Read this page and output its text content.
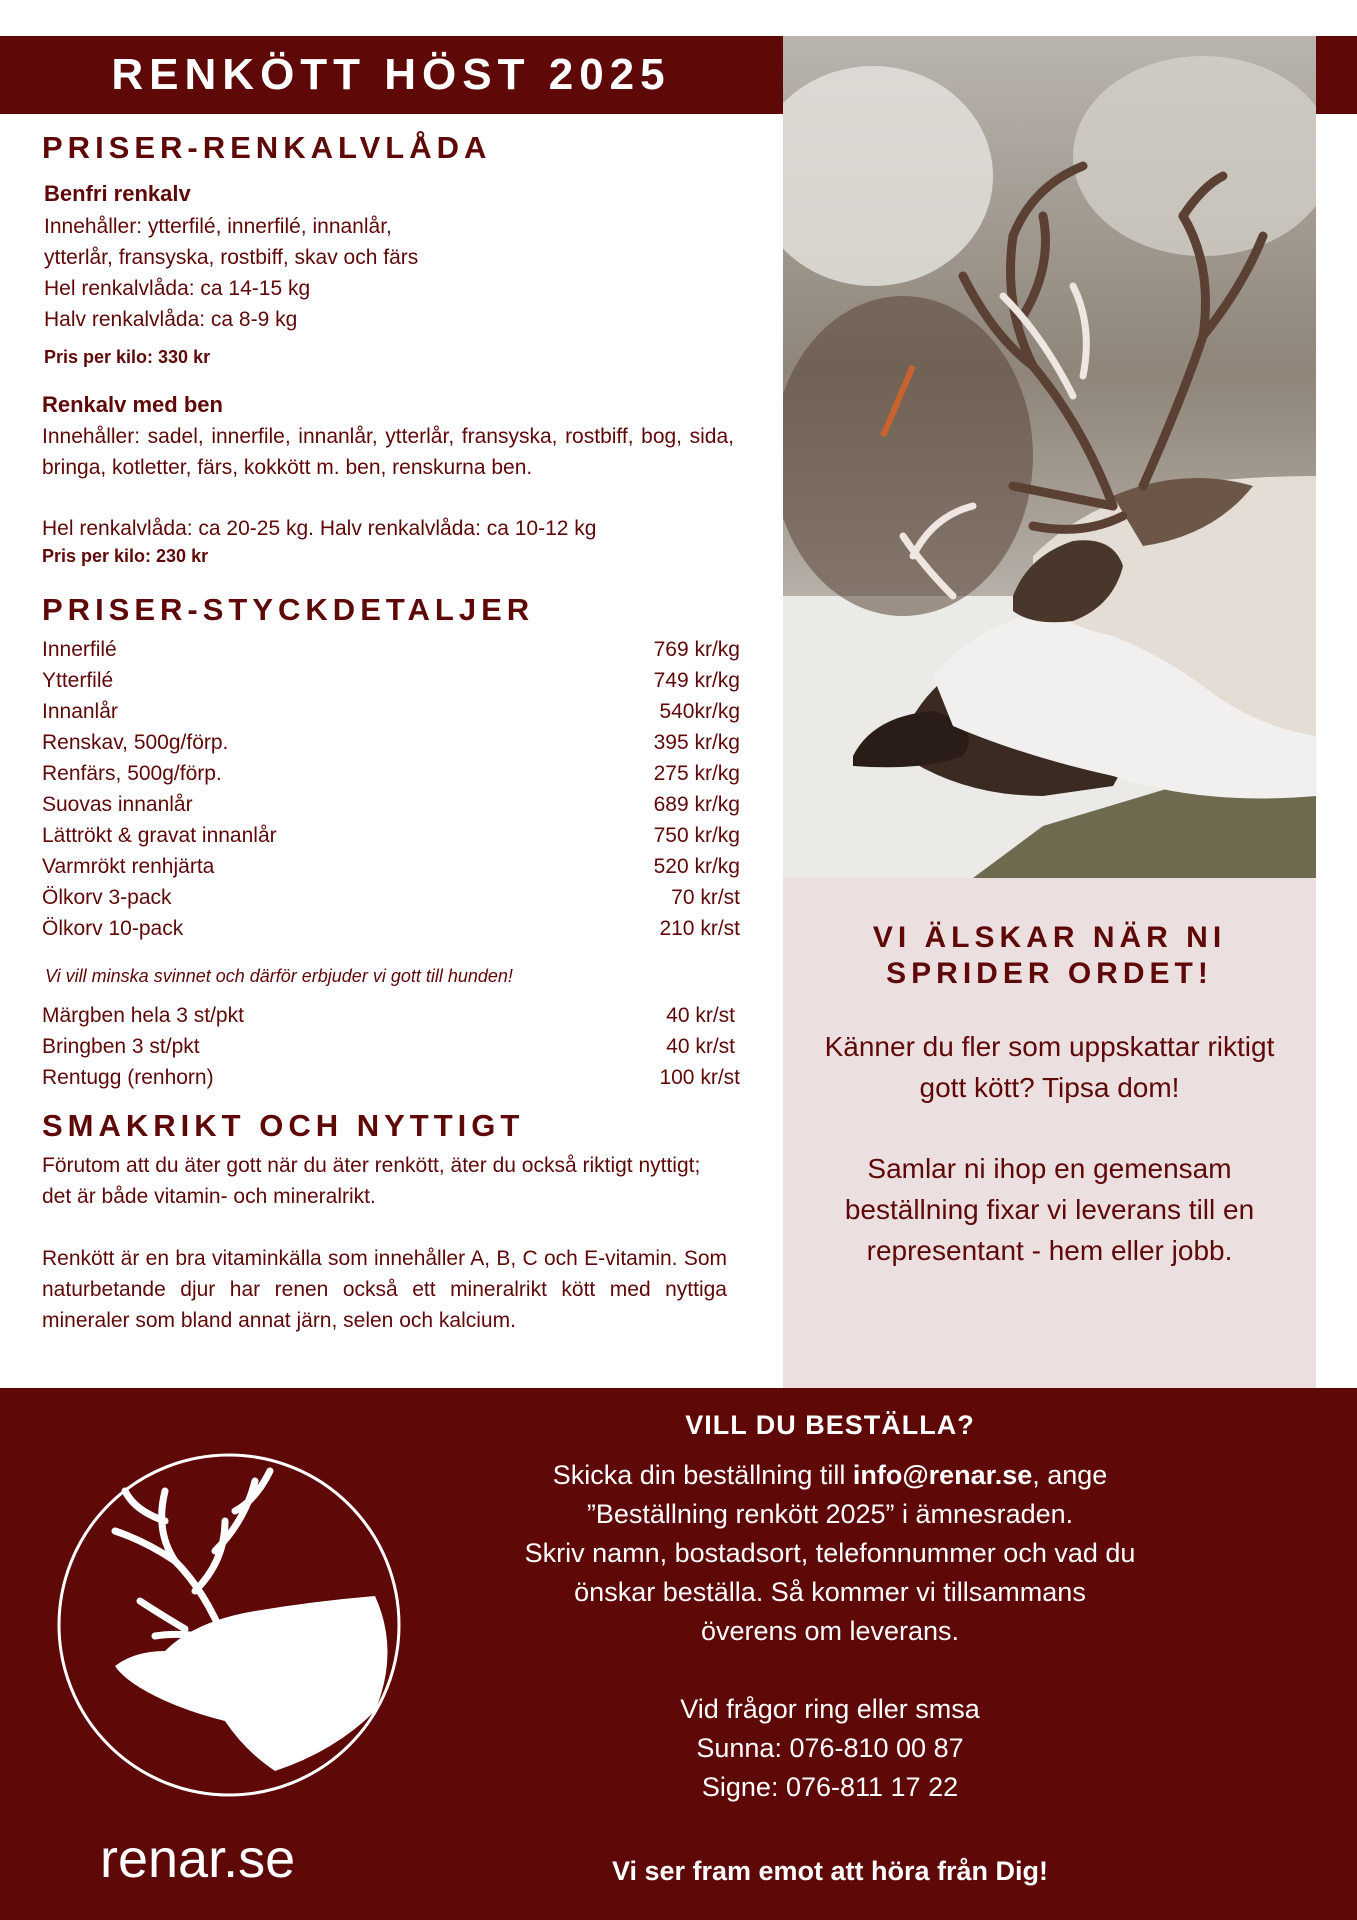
RENKÖTT HÖST 2025
VI ÄLSKAR NÄR NI
SPRIDER ORDET!
Känner du fler som uppskattar riktigt gott kött? Tipsa dom!
Samlar ni ihop en gemensam beställning fixar vi leverans till en representant - hem eller jobb.
PRISER-RENKALVLÅDA
Benfri renkalv
Innehåller: ytterfilé, innerfilé, innanlår,
ytterlår, fransyska, rostbiff, skav och färs
Hel renkalvlåda: ca 14-15 kg
Halv renkalvlåda: ca 8-9 kg
Pris per kilo: 330 kr
Renkalv med ben
Innehåller: sadel, innerfile, innanlår, ytterlår, fransyska, rostbiff, bog, sida, bringa, kotletter, färs, kokkött m. ben, renskurna ben.
Hel renkalvlåda: ca 20-25 kg. Halv renkalvlåda: ca 10-12 kg
Pris per kilo: 230 kr
PRISER-STYCKDETALJER
Innerfilé	769 kr/kg
Ytterfilé	749 kr/kg
Innanlår	540kr/kg
Renskav, 500g/förp.	395 kr/kg
Renfärs, 500g/förp.	275 kr/kg
Suovas innanlår	689 kr/kg
Lättrökt & gravat innanlår	750 kr/kg
Varmrökt renhjärta	520 kr/kg
Ölkorv 3-pack	70 kr/st
Ölkorv 10-pack	210 kr/st
Vi vill minska svinnet och därför erbjuder vi gott till hunden!
Märgben hela 3 st/pkt	40 kr/st
Bringben 3 st/pkt	40 kr/st
Rentugg (renhorn)	100 kr/st
SMAKRIKT OCH NYTTIGT
Förutom att du äter gott när du äter renkött, äter du också riktigt nyttigt; det är både vitamin- och mineralrikt.
Renkött är en bra vitaminkälla som innehåller A, B, C och E-vitamin. Som naturbetande djur har renen också ett mineralrikt kött med nyttiga mineraler som bland annat järn, selen och kalcium.
renar.se
VILL DU BESTÄLLA?
Skicka din beställning till info@renar.se, ange
”Beställning renkött 2025” i ämnesraden.
Skriv namn, bostadsort, telefonnummer och vad du
önskar beställa. Så kommer vi tillsammans
överens om leverans.
Vid frågor ring eller smsa
Sunna: 076-810 00 87
Signe: 076-811 17 22
Vi ser fram emot att höra från Dig!
